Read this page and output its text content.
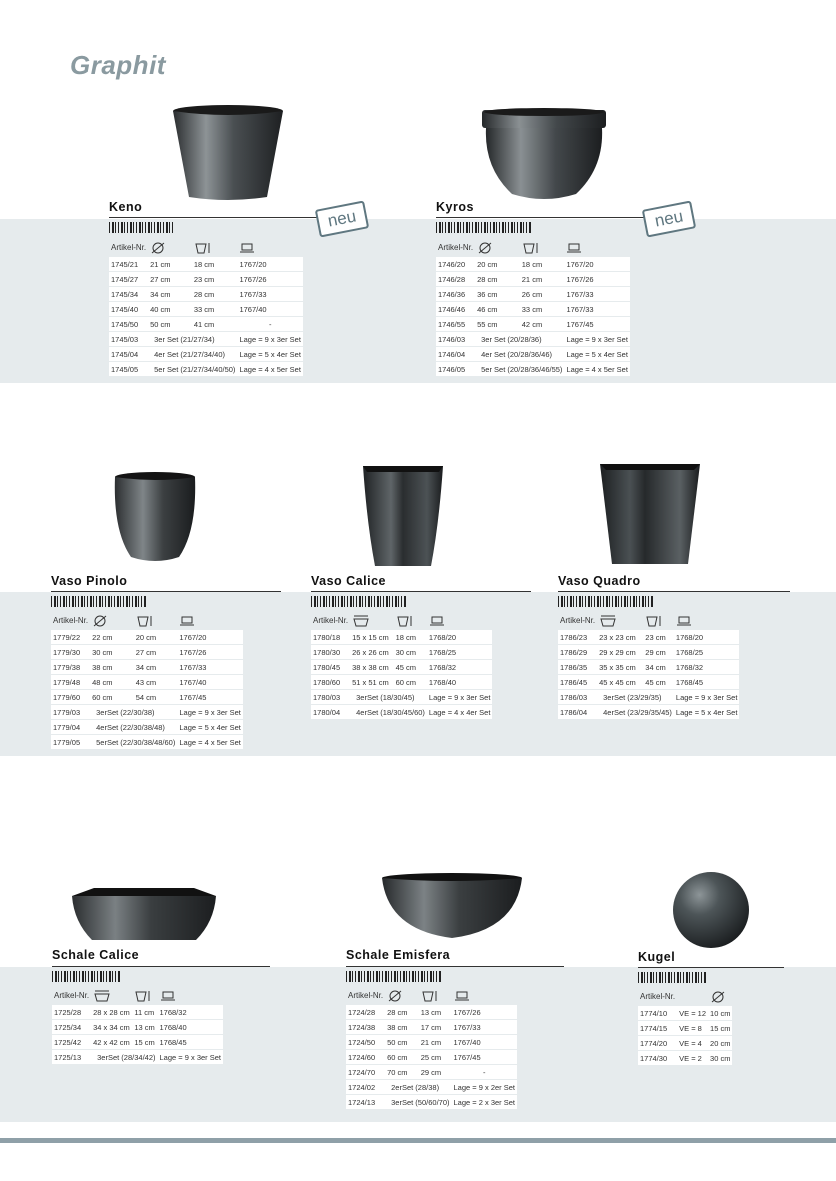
Graphit
Keno
Artikel-Nr.			
1745/21	21 cm	18 cm	1767/20
1745/27	27 cm	23 cm	1767/26
1745/34	34 cm	28 cm	1767/33
1745/40	40 cm	33 cm	1767/40
1745/50	50 cm	41 cm	-
1745/03	3er Set (21/27/34)		Lage = 9 x 3er Set
1745/04	4er Set (21/27/34/40)		Lage = 5 x 4er Set
1745/05	5er Set (21/27/34/40/50)		Lage = 4 x 5er Set
neu	Kyros
Artikel-Nr.			
1746/20	20 cm	18 cm	1767/20
1746/28	28 cm	21 cm	1767/26
1746/36	36 cm	26 cm	1767/33
1746/46	46 cm	33 cm	1767/33
1746/55	55 cm	42 cm	1767/45
1746/03	3er Set (20/28/36)		Lage = 9 x 3er Set
1746/04	4er Set (20/28/36/46)		Lage = 5 x 4er Set
1746/05	5er Set (20/28/36/46/55)		Lage = 4 x 5er Set
neu
Vaso Pinolo
Artikel-Nr.			
1779/22	22 cm	20 cm	1767/20
1779/30	30 cm	27 cm	1767/26
1779/38	38 cm	34 cm	1767/33
1779/48	48 cm	43 cm	1767/40
1779/60	60 cm	54 cm	1767/45
1779/03	3erSet (22/30/38)		Lage = 9 x 3er Set
1779/04	4erSet (22/30/38/48)		Lage = 5 x 4er Set
1779/05	5erSet (22/30/38/48/60)		Lage = 4 x 5er Set
Vaso Calice
Artikel-Nr.			
1780/18	15 x 15 cm	18 cm	1768/20
1780/30	26 x 26 cm	30 cm	1768/25
1780/45	38 x 38 cm	45 cm	1768/32
1780/60	51 x 51 cm	60 cm	1768/40
1780/03	3erSet (18/30/45)		Lage = 9 x 3er Set
1780/04	4erSet (18/30/45/60)		Lage = 4 x 4er Set
Vaso Quadro
Artikel-Nr.			
1786/23	23 x 23 cm	23 cm	1768/20
1786/29	29 x 29 cm	29 cm	1768/25
1786/35	35 x 35 cm	34 cm	1768/32
1786/45	45 x 45 cm	45 cm	1768/45
1786/03	3erSet (23/29/35)		Lage = 9 x 3er Set
1786/04	4erSet (23/29/35/45)		Lage = 5 x 4er Set
Schale Calice
Artikel-Nr.			
1725/28	28 x 28 cm	11 cm	1768/32
1725/34	34 x 34 cm	13 cm	1768/40
1725/42	42 x 42 cm	15 cm	1768/45
1725/13	3erSet (28/34/42)		Lage = 9 x 3er Set
Schale Emisfera
Artikel-Nr.			
1724/28	28 cm	13 cm	1767/26
1724/38	38 cm	17 cm	1767/33
1724/50	50 cm	21 cm	1767/40
1724/60	60 cm	25 cm	1767/45
1724/70	70 cm	29 cm	-
1724/02	2erSet (28/38)		Lage = 9 x 2er Set
1724/13	3erSet (50/60/70)		Lage = 2 x 3er Set
Kugel
Artikel-Nr.		
1774/10	VE = 12	10 cm
1774/15	VE = 8	15 cm
1774/20	VE = 4	20 cm
1774/30	VE = 2	30 cm
